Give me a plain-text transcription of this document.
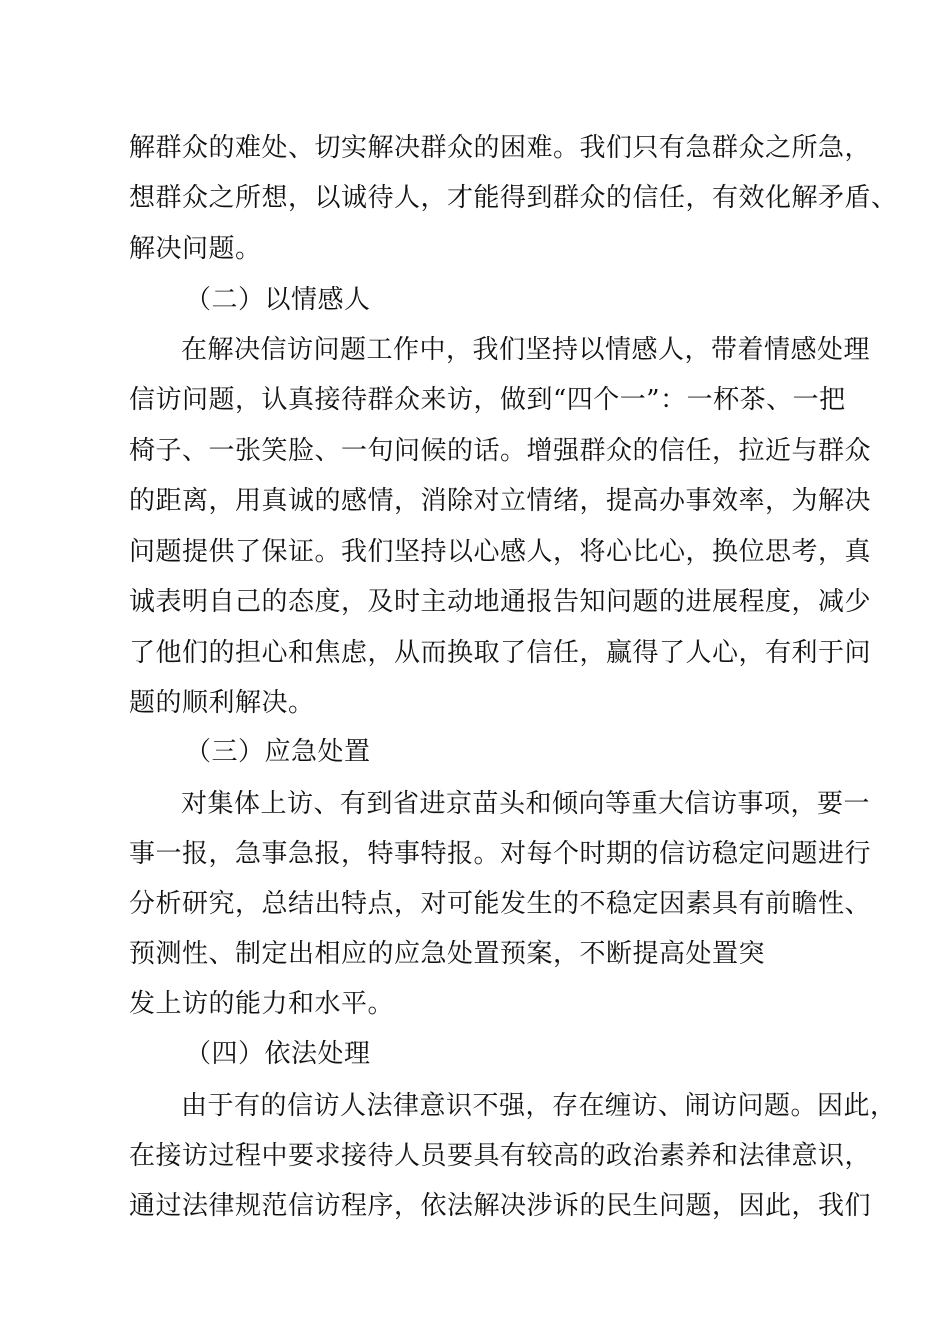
解群众的难处、切实解决群众的困难。我们只有急群众之所急，
想群众之所想，以诚待人，才能得到群众的信任，有效化解矛盾、
解决问题。
（二）以情感人
在解决信访问题工作中，我们坚持以情感人，带着情感处理
信访问题，认真接待群众来访，做到“四个一”：一杯茶、一把
椅子、一张笑脸、一句问候的话。增强群众的信任，拉近与群众
的距离，用真诚的感情，消除对立情绪，提高办事效率，为解决
问题提供了保证。我们坚持以心感人，将心比心，换位思考，真
诚表明自己的态度，及时主动地通报告知问题的进展程度，减少
了他们的担心和焦虑，从而换取了信任，赢得了人心，有利于问
题的顺利解决。
（三）应急处置
对集体上访、有到省进京苗头和倾向等重大信访事项，要一
事一报，急事急报，特事特报。对每个时期的信访稳定问题进行
分析研究，总结出特点，对可能发生的不稳定因素具有前瞻性、
预测性、制定出相应的应急处置预案，不断提高处置突
发上访的能力和水平。
（四）依法处理
由于有的信访人法律意识不强，存在缠访、闹访问题。因此，
在接访过程中要求接待人员要具有较高的政治素养和法律意识，
通过法律规范信访程序，依法解决涉诉的民生问题，因此，我们
